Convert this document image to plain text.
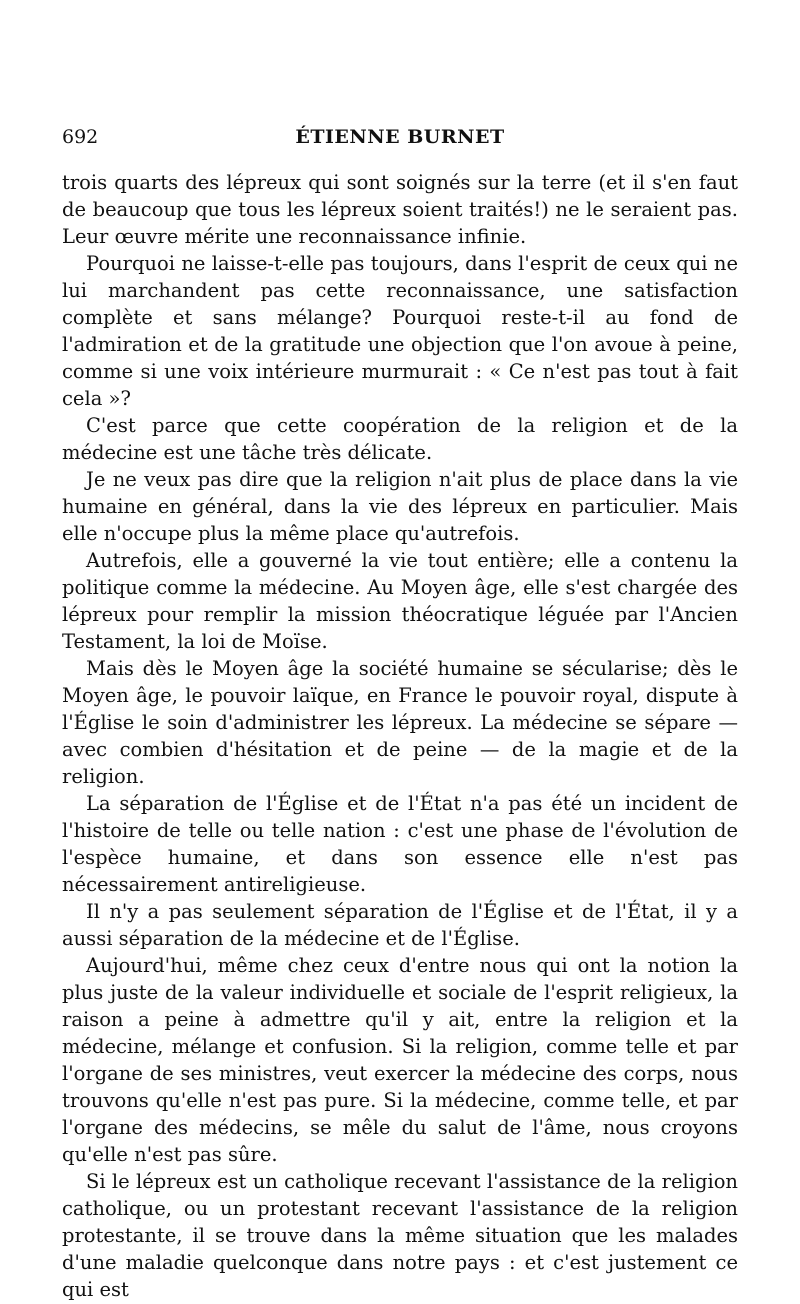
692	ÉTIENNE BURNET

trois quarts des lépreux qui sont soignés sur la terre (et il s'en faut de beaucoup que tous les lépreux soient traités!) ne le seraient pas. Leur œuvre mérite une reconnaissance infinie.

Pourquoi ne laisse-t-elle pas toujours, dans l'esprit de ceux qui ne lui marchandent pas cette reconnaissance, une satisfaction complète et sans mélange? Pourquoi reste-t-il au fond de l'admiration et de la gratitude une objection que l'on avoue à peine, comme si une voix intérieure murmurait : « Ce n'est pas tout à fait cela »?

C'est parce que cette coopération de la religion et de la médecine est une tâche très délicate.

Je ne veux pas dire que la religion n'ait plus de place dans la vie humaine en général, dans la vie des lépreux en particulier. Mais elle n'occupe plus la même place qu'autrefois.

Autrefois, elle a gouverné la vie tout entière; elle a contenu la politique comme la médecine. Au Moyen âge, elle s'est chargée des lépreux pour remplir la mission théocratique léguée par l'Ancien Testament, la loi de Moïse.

Mais dès le Moyen âge la société humaine se sécularise; dès le Moyen âge, le pouvoir laïque, en France le pouvoir royal, dispute à l'Église le soin d'administrer les lépreux. La médecine se sépare — avec combien d'hésitation et de peine — de la magie et de la religion.

La séparation de l'Église et de l'État n'a pas été un incident de l'histoire de telle ou telle nation : c'est une phase de l'évolution de l'espèce humaine, et dans son essence elle n'est pas nécessairement antireligieuse.

Il n'y a pas seulement séparation de l'Église et de l'État, il y a aussi séparation de la médecine et de l'Église.

Aujourd'hui, même chez ceux d'entre nous qui ont la notion la plus juste de la valeur individuelle et sociale de l'esprit religieux, la raison a peine à admettre qu'il y ait, entre la religion et la médecine, mélange et confusion. Si la religion, comme telle et par l'organe de ses ministres, veut exercer la médecine des corps, nous trouvons qu'elle n'est pas pure. Si la médecine, comme telle, et par l'organe des médecins, se mêle du salut de l'âme, nous croyons qu'elle n'est pas sûre.

Si le lépreux est un catholique recevant l'assistance de la religion catholique, ou un protestant recevant l'assistance de la religion protestante, il se trouve dans la même situation que les malades d'une maladie quelconque dans notre pays : et c'est justement ce qui est
